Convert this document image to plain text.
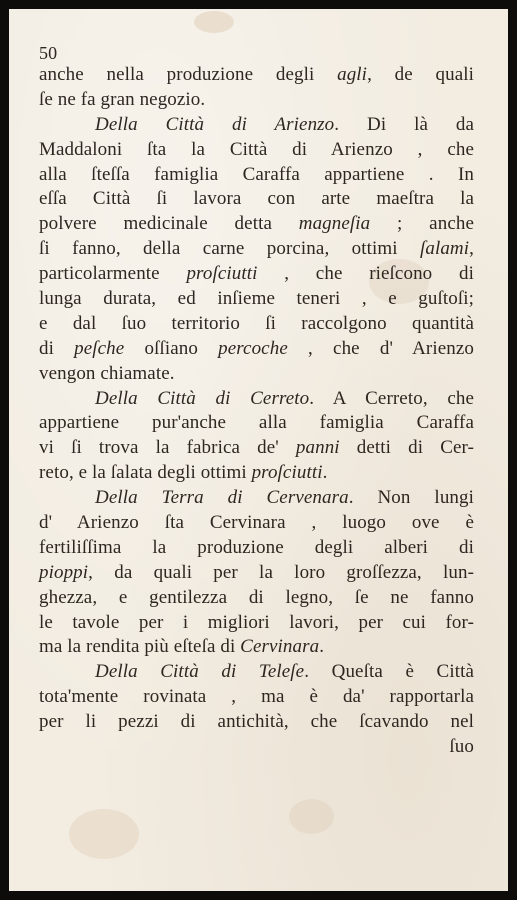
50
anche nella produzione degli agli, de quali
ſe ne fa gran negozio.
Della Città di Arienzo. Di là da
Maddaloni ſta la Città di Arienzo , che
alla ſteſſa famiglia Caraffa appartiene . In
eſſa Città ſi lavora con arte maeſtra la
polvere medicinale detta magneſia ; anche
ſi fanno, della carne porcina, ottimi ſalami,
particolarmente proſciutti , che rieſcono di
lunga durata, ed inſieme teneri , e guſtoſi;
e dal ſuo territorio ſi raccolgono quantità
di peſche oſſiano percoche , che d' Arienzo
vengon chiamate.
Della Città di Cerreto. A Cerreto, che
appartiene pur'anche alla famiglia Caraffa
vi ſi trova la fabrica de' panni detti di Cer-
reto, e la ſalata degli ottimi proſciutti.
Della Terra di Cervenara. Non lungi
d' Arienzo ſta Cervinara , luogo ove è
fertiliſſima la produzione degli alberi di
pioppi, da quali per la loro groſſezza, lun-
ghezza, e gentilezza di legno, ſe ne fanno
le tavole per i migliori lavori, per cui for-
ma la rendita più eſteſa di Cervinara.
Della Città di Teleſe. Queſta è Città
tota'mente rovinata , ma è da' rapportarla
per li pezzi di antichità, che ſcavando nel
ſuo
